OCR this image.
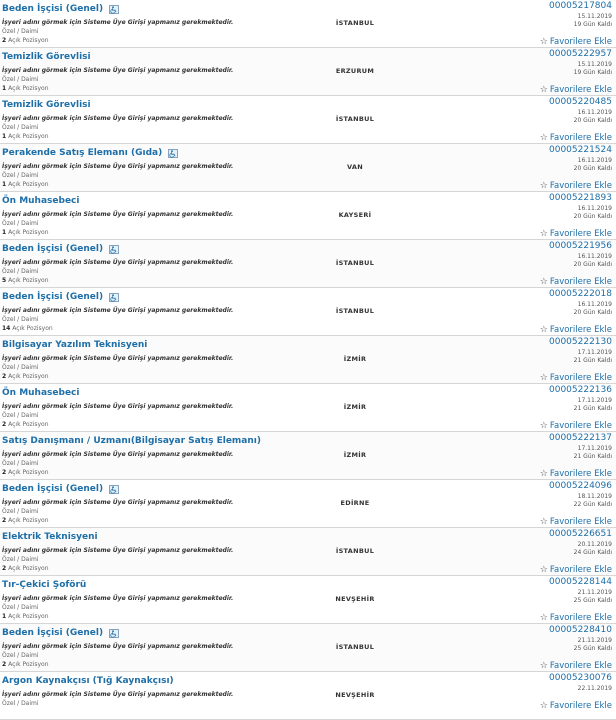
Beden İşçisi (Genel)
İşyeri adını görmek için Sisteme Üye Girişi yapmanız gerekmektedir.
Özel / Daimi
2 Açık Pozisyon
İSTANBUL
00005217804
15.11.2019
19 Gün Kaldı
☆ Favorilere Ekle
Temizlik Görevlisi
İşyeri adını görmek için Sisteme Üye Girişi yapmanız gerekmektedir.
Özel / Daimi
1 Açık Pozisyon
ERZURUM
00005222957
15.11.2019
19 Gün Kaldı
☆ Favorilere Ekle
Temizlik Görevlisi
İşyeri adını görmek için Sisteme Üye Girişi yapmanız gerekmektedir.
Özel / Daimi
1 Açık Pozisyon
İSTANBUL
00005220485
16.11.2019
20 Gün Kaldı
☆ Favorilere Ekle
Perakende Satış Elemanı (Gıda)
İşyeri adını görmek için Sisteme Üye Girişi yapmanız gerekmektedir.
Özel / Daimi
1 Açık Pozisyon
VAN
00005221524
16.11.2019
20 Gün Kaldı
☆ Favorilere Ekle
Ön Muhasebeci
İşyeri adını görmek için Sisteme Üye Girişi yapmanız gerekmektedir.
Özel / Daimi
1 Açık Pozisyon
KAYSERİ
00005221893
16.11.2019
20 Gün Kaldı
☆ Favorilere Ekle
Beden İşçisi (Genel)
İşyeri adını görmek için Sisteme Üye Girişi yapmanız gerekmektedir.
Özel / Daimi
5 Açık Pozisyon
İSTANBUL
00005221956
16.11.2019
20 Gün Kaldı
☆ Favorilere Ekle
Beden İşçisi (Genel)
İşyeri adını görmek için Sisteme Üye Girişi yapmanız gerekmektedir.
Özel / Daimi
14 Açık Pozisyon
İSTANBUL
00005222018
16.11.2019
20 Gün Kaldı
☆ Favorilere Ekle
Bilgisayar Yazılım Teknisyeni
İşyeri adını görmek için Sisteme Üye Girişi yapmanız gerekmektedir.
Özel / Daimi
2 Açık Pozisyon
İZMİR
00005222130
17.11.2019
21 Gün Kaldı
☆ Favorilere Ekle
Ön Muhasebeci
İşyeri adını görmek için Sisteme Üye Girişi yapmanız gerekmektedir.
Özel / Daimi
2 Açık Pozisyon
İZMİR
00005222136
17.11.2019
21 Gün Kaldı
☆ Favorilere Ekle
Satış Danışmanı / Uzmanı(Bilgisayar Satış Elemanı)
İşyeri adını görmek için Sisteme Üye Girişi yapmanız gerekmektedir.
Özel / Daimi
2 Açık Pozisyon
İZMİR
00005222137
17.11.2019
21 Gün Kaldı
☆ Favorilere Ekle
Beden İşçisi (Genel)
İşyeri adını görmek için Sisteme Üye Girişi yapmanız gerekmektedir.
Özel / Daimi
2 Açık Pozisyon
EDİRNE
00005224096
18.11.2019
22 Gün Kaldı
☆ Favorilere Ekle
Elektrik Teknisyeni
İşyeri adını görmek için Sisteme Üye Girişi yapmanız gerekmektedir.
Özel / Daimi
2 Açık Pozisyon
İSTANBUL
00005226651
20.11.2019
24 Gün Kaldı
☆ Favorilere Ekle
Tır-Çekici Şoförü
İşyeri adını görmek için Sisteme Üye Girişi yapmanız gerekmektedir.
Özel / Daimi
1 Açık Pozisyon
NEVŞEHİR
00005228144
21.11.2019
25 Gün Kaldı
☆ Favorilere Ekle
Beden İşçisi (Genel)
İşyeri adını görmek için Sisteme Üye Girişi yapmanız gerekmektedir.
Özel / Daimi
2 Açık Pozisyon
İSTANBUL
00005228410
21.11.2019
25 Gün Kaldı
☆ Favorilere Ekle
Argon Kaynakçısı (Tığ Kaynakçısı)
İşyeri adını görmek için Sisteme Üye Girişi yapmanız gerekmektedir.
Özel / Daimi
NEVŞEHİR
00005230076
22.11.2019
☆ Favorilere Ekle
